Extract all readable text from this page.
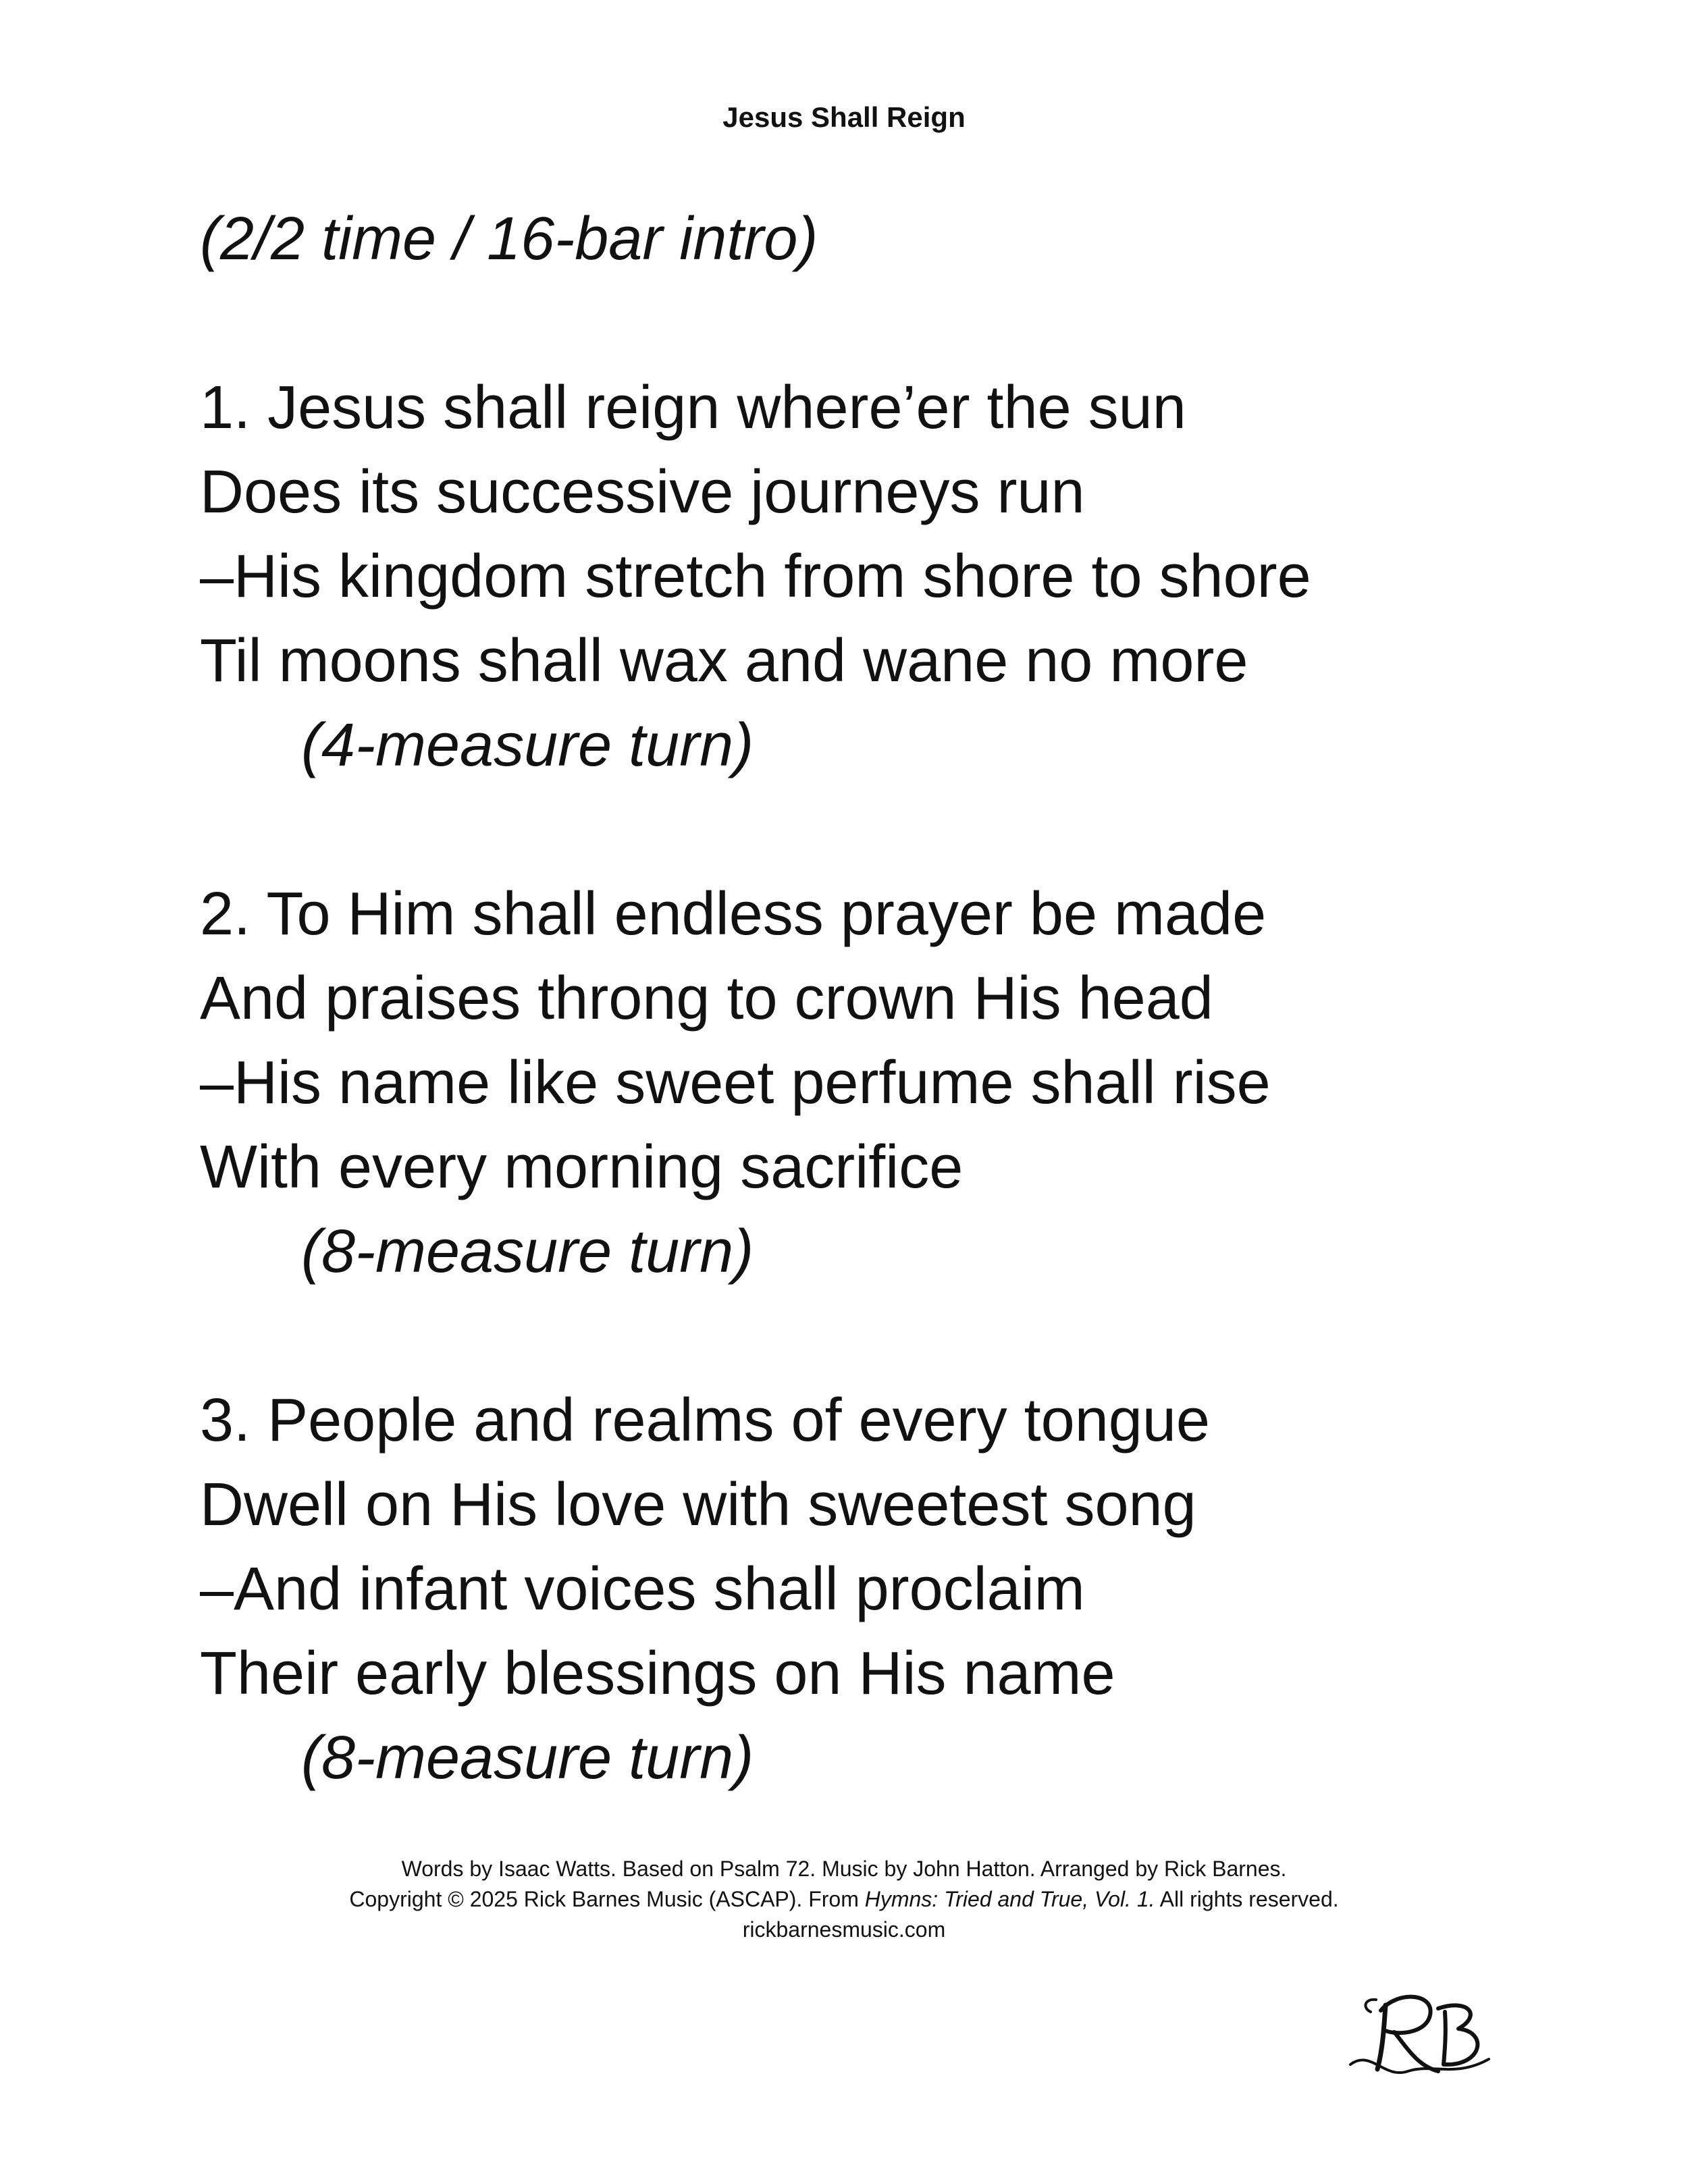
Jesus Shall Reign
(2/2 time / 16-bar intro)
1. Jesus shall reign where’er the sun
Does its successive journeys run
–His kingdom stretch from shore to shore
Til moons shall wax and wane no more
(4-measure turn)
2. To Him shall endless prayer be made
And praises throng to crown His head
–His name like sweet perfume shall rise
With every morning sacrifice
(8-measure turn)
3. People and realms of every tongue
Dwell on His love with sweetest song
–And infant voices shall proclaim
Their early blessings on His name
(8-measure turn)
Words by Isaac Watts. Based on Psalm 72. Music by John Hatton. Arranged by Rick Barnes.
Copyright © 2025 Rick Barnes Music (ASCAP). From Hymns: Tried and True, Vol. 1. All rights reserved.
rickbarnesmusic.com
